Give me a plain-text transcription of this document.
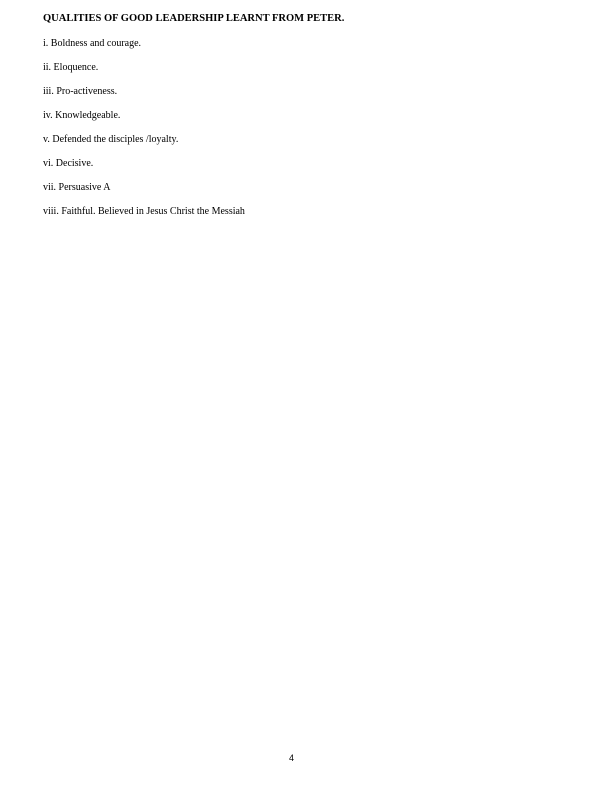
QUALITIES OF GOOD LEADERSHIP LEARNT FROM PETER.
i. Boldness and courage.
ii. Eloquence.
iii. Pro-activeness.
iv. Knowledgeable.
v. Defended the disciples /loyalty.
vi. Decisive.
vii. Persuasive A
viii. Faithful. Believed in Jesus Christ the Messiah
4
